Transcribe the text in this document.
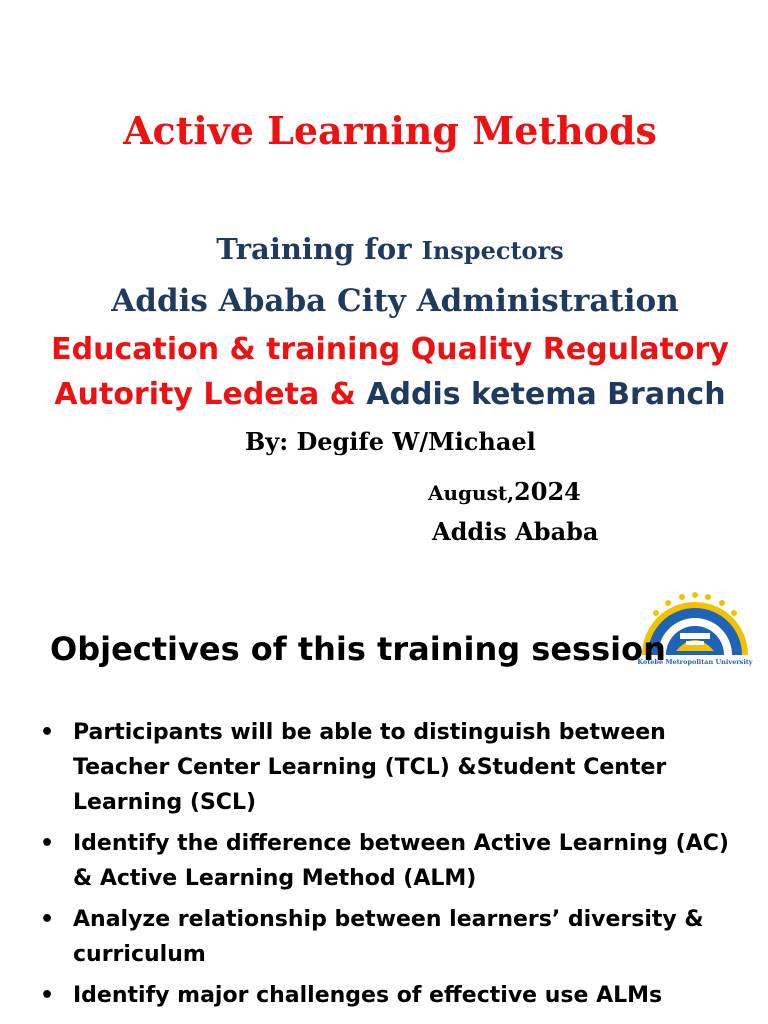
Active Learning Methods
Training for Inspectors
Addis Ababa City Administration
Education & training Quality Regulatory
Autority Ledeta & Addis ketema Branch
By: Degife W/Michael
August,2024
Addis Ababa
Kotebe Metropolitan University
Objectives of this training session
• Participants will be able to distinguish between Teacher Center Learning (TCL) &Student Center Learning (SCL)
• Identify the difference between Active Learning (AC) & Active Learning Method (ALM)
• Analyze relationship between learners’ diversity & curriculum
• Identify major challenges of effective use ALMs
